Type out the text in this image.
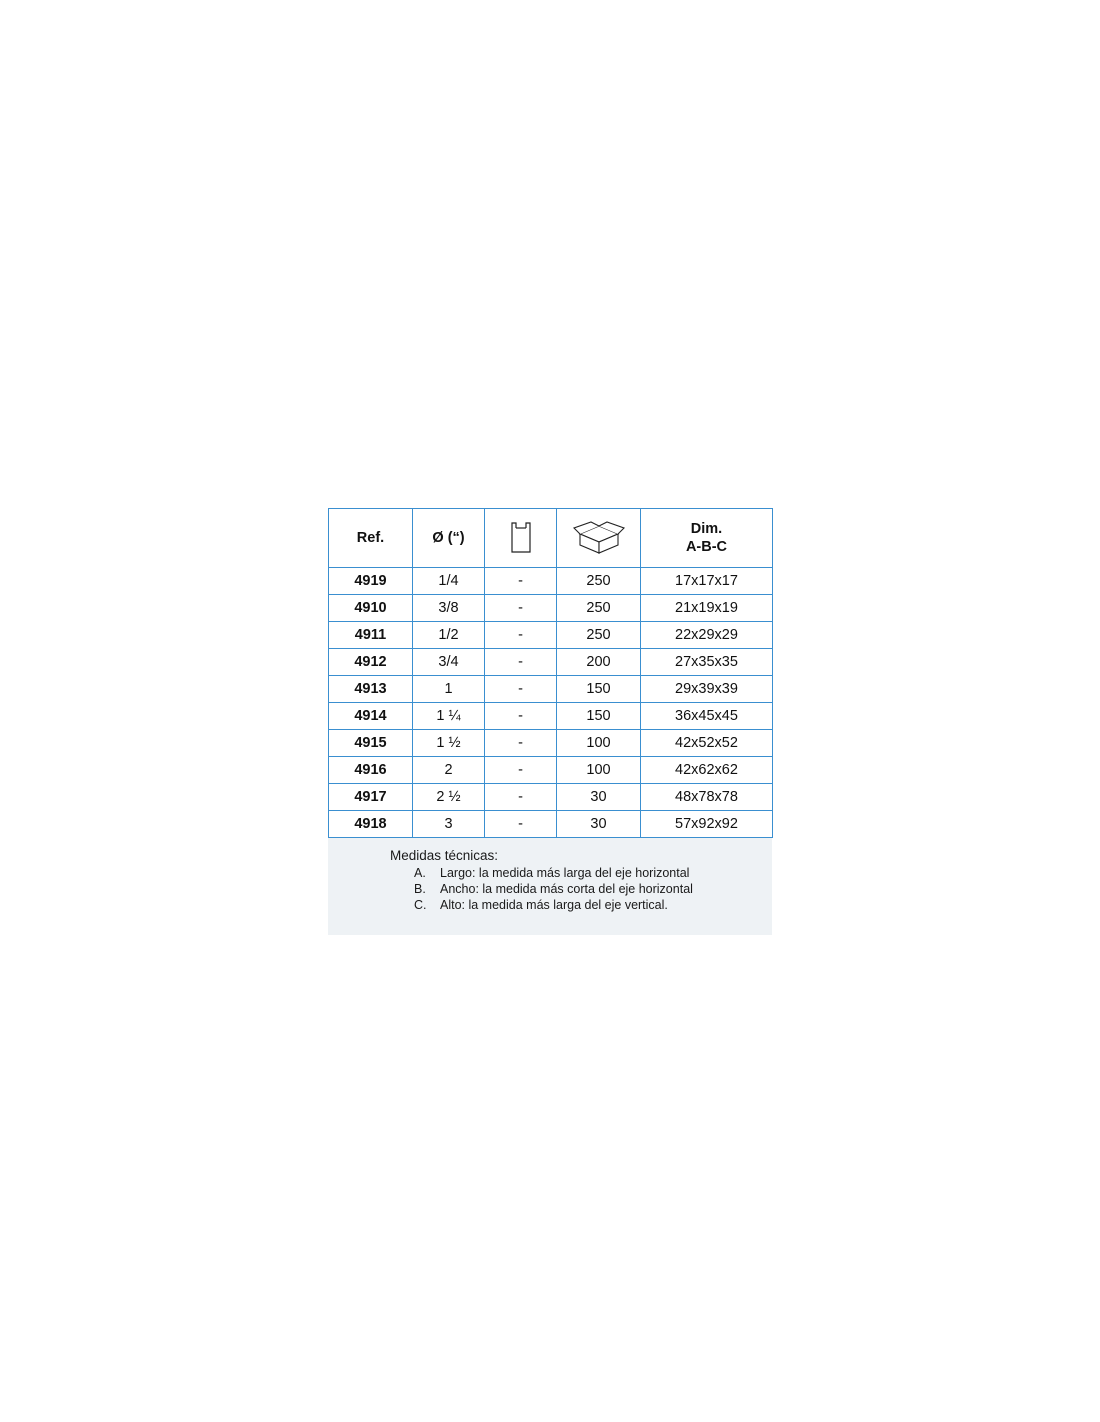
Ref.	Ø (“)			Dim.
A-B-C

4919	1/4	-	250	17x17x17
4910	3/8	-	250	21x19x19
4911	1/2	-	250	22x29x29
4912	3/4	-	200	27x35x35
4913	1	-	150	29x39x39
4914	1 ¼	-	150	36x45x45
4915	1 ½	-	100	42x52x52
4916	2	-	100	42x62x62
4917	2 ½	-	30	48x78x78
4918	3	-	30	57x92x92
Medidas técnicas:
A.	Largo: la medida más larga del eje horizontal
B.	Ancho: la medida más corta del eje horizontal
C.	Alto: la medida más larga del eje vertical.
